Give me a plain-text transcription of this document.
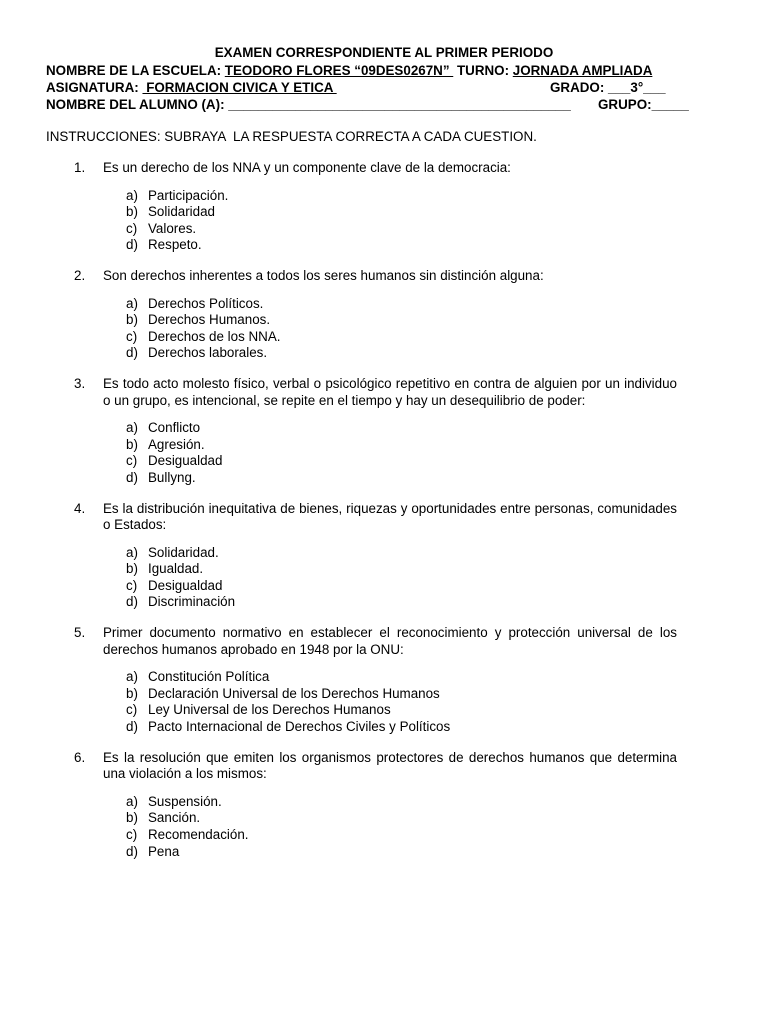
EXAMEN CORRESPONDIENTE AL PRIMER PERIODO
NOMBRE DE LA ESCUELA: TEODORO FLORES “09DES0267N”  TURNO: JORNADA AMPLIADA
ASIGNATURA:  FORMACION CIVICA Y ETICA	GRADO: ___3°___
NOMBRE DEL ALUMNO (A): ______________________________________________ GRUPO:_____
INSTRUCCIONES: SUBRAYA  LA RESPUESTA CORRECTA A CADA CUESTION.
1. Es un derecho de los NNA y un componente clave de la democracia:
a) Participación.
b) Solidaridad
c) Valores.
d) Respeto.
2. Son derechos inherentes a todos los seres humanos sin distinción alguna:
a) Derechos Políticos.
b) Derechos Humanos.
c) Derechos de los NNA.
d) Derechos laborales.
3. Es todo acto molesto físico, verbal o psicológico repetitivo en contra de alguien por un individuo o un grupo, es intencional, se repite en el tiempo y hay un desequilibrio de poder:
a) Conflicto
b) Agresión.
c) Desigualdad
d) Bullyng.
4. Es la distribución inequitativa de bienes, riquezas y oportunidades entre personas, comunidades o Estados:
a) Solidaridad.
b) Igualdad.
c) Desigualdad
d) Discriminación
5. Primer documento normativo en establecer el reconocimiento y protección universal de los derechos humanos aprobado en 1948 por la ONU:
a) Constitución Política
b) Declaración Universal de los Derechos Humanos
c) Ley Universal de los Derechos Humanos
d) Pacto Internacional de Derechos Civiles y Políticos
6. Es la resolución que emiten los organismos protectores de derechos humanos que determina una violación a los mismos:
a) Suspensión.
b) Sanción.
c) Recomendación.
d) Pena
